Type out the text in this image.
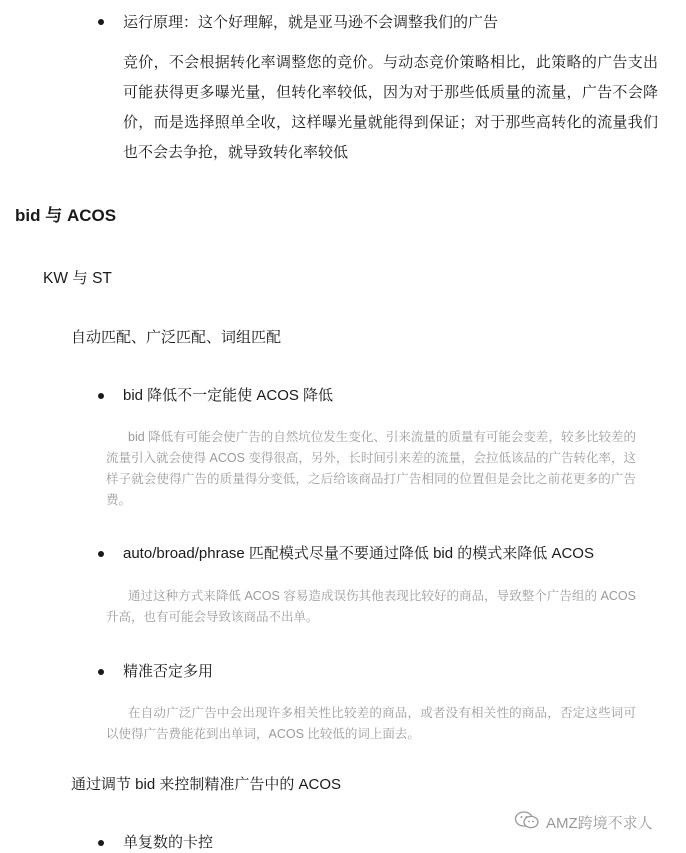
运行原理：这个好理解，就是亚马逊不会调整我们的广告
竞价，不会根据转化率调整您的竞价。与动态竞价策略相比，此策略的广告支出可能获得更多曝光量，但转化率较低，因为对于那些低质量的流量，广告不会降价，而是选择照单全收，这样曝光量就能得到保证；对于那些高转化的流量我们也不会去争抢，就导致转化率较低
bid 与 ACOS
KW 与 ST
自动匹配、广泛匹配、词组匹配
bid 降低不一定能使 ACOS 降低
bid 降低有可能会使广告的自然坑位发生变化、引来流量的质量有可能会变差，较多比较差的流量引入就会使得 ACOS 变得很高，另外，长时间引来差的流量，会拉低该品的广告转化率，这样子就会使得广告的质量得分变低，之后给该商品打广告相同的位置但是会比之前花更多的广告费。
auto/broad/phrase 匹配模式尽量不要通过降低 bid 的模式来降低 ACOS
通过这种方式来降低 ACOS 容易造成误伤其他表现比较好的商品，导致整个广告组的 ACOS 升高，也有可能会导致该商品不出单。
精准否定多用
在自动广泛广告中会出现许多相关性比较差的商品，或者没有相关性的商品，否定这些词可以使得广告费能花到出单词，ACOS 比较低的词上面去。
通过调节 bid 来控制精准广告中的 ACOS
单复数的卡控
AMZ跨境不求人
